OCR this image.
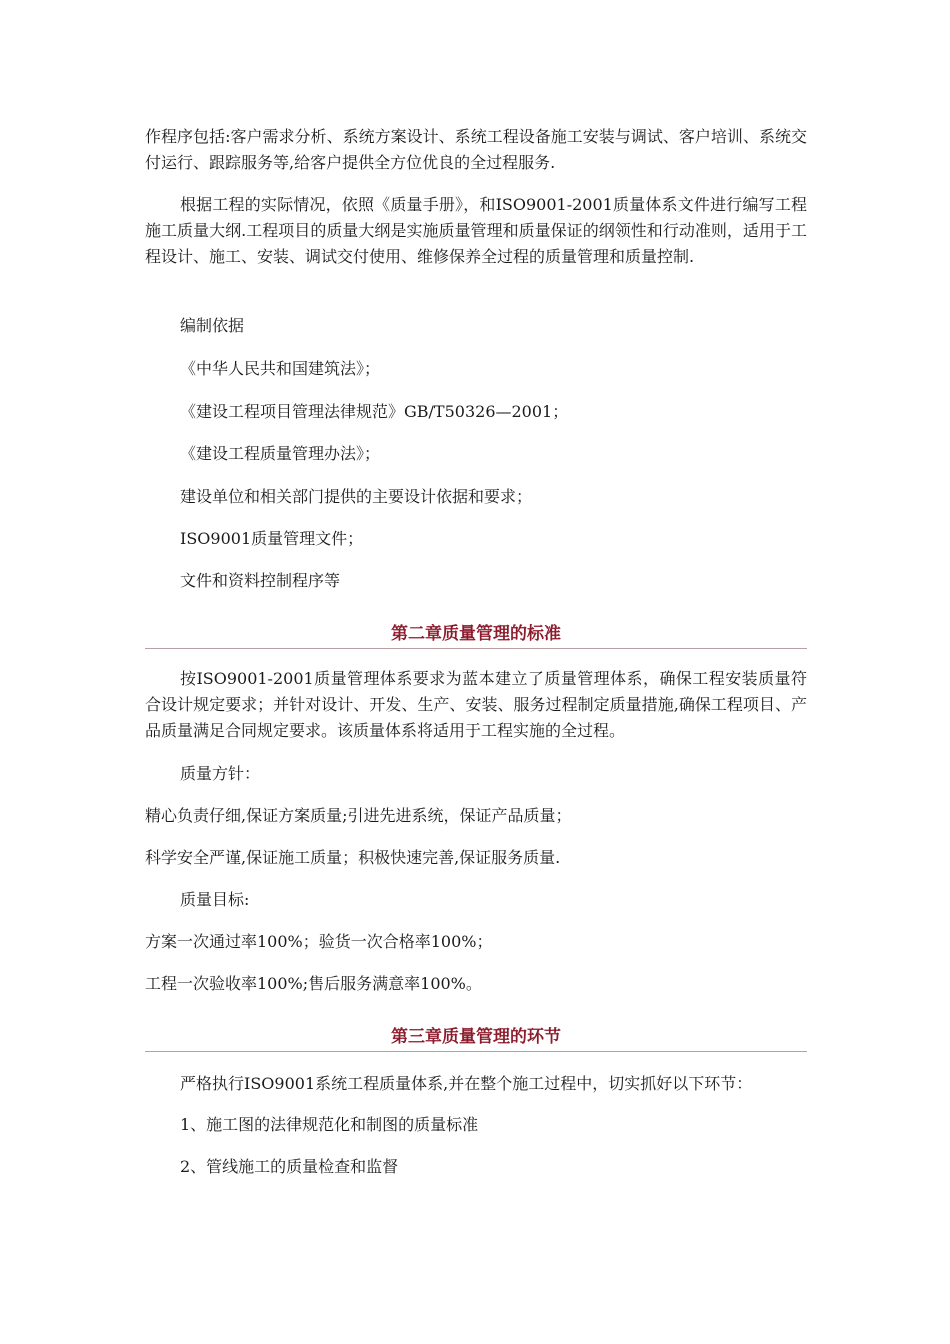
作程序包括:客户需求分析、系统方案设计、系统工程设备施工安装与调试、客户培训、系统交付运行、跟踪服务等,给客户提供全方位优良的全过程服务.

根据工程的实际情况，依照《质量手册》，和ISO9001-2001质量体系文件进行编写工程施工质量大纲.工程项目的质量大纲是实施质量管理和质量保证的纲领性和行动准则，适用于工程设计、施工、安装、调试交付使用、维修保养全过程的质量管理和质量控制.

编制依据

《中华人民共和国建筑法》；

《建设工程项目管理法律规范》GB/T50326—2001；

《建设工程质量管理办法》；

建设单位和相关部门提供的主要设计依据和要求；

ISO9001质量管理文件；

文件和资料控制程序等

第二章质量管理的标准

按ISO9001-2001质量管理体系要求为蓝本建立了质量管理体系，确保工程安装质量符合设计规定要求；并针对设计、开发、生产、安装、服务过程制定质量措施,确保工程项目、产品质量满足合同规定要求。该质量体系将适用于工程实施的全过程。

质量方针：

精心负责仔细,保证方案质量;引进先进系统，保证产品质量；

科学安全严谨,保证施工质量；积极快速完善,保证服务质量.

质量目标:

方案一次通过率100%；验货一次合格率100%；

工程一次验收率100%;售后服务满意率100%。

第三章质量管理的环节

严格执行ISO9001系统工程质量体系,并在整个施工过程中，切实抓好以下环节：

1、施工图的法律规范化和制图的质量标准

2、管线施工的质量检查和监督
